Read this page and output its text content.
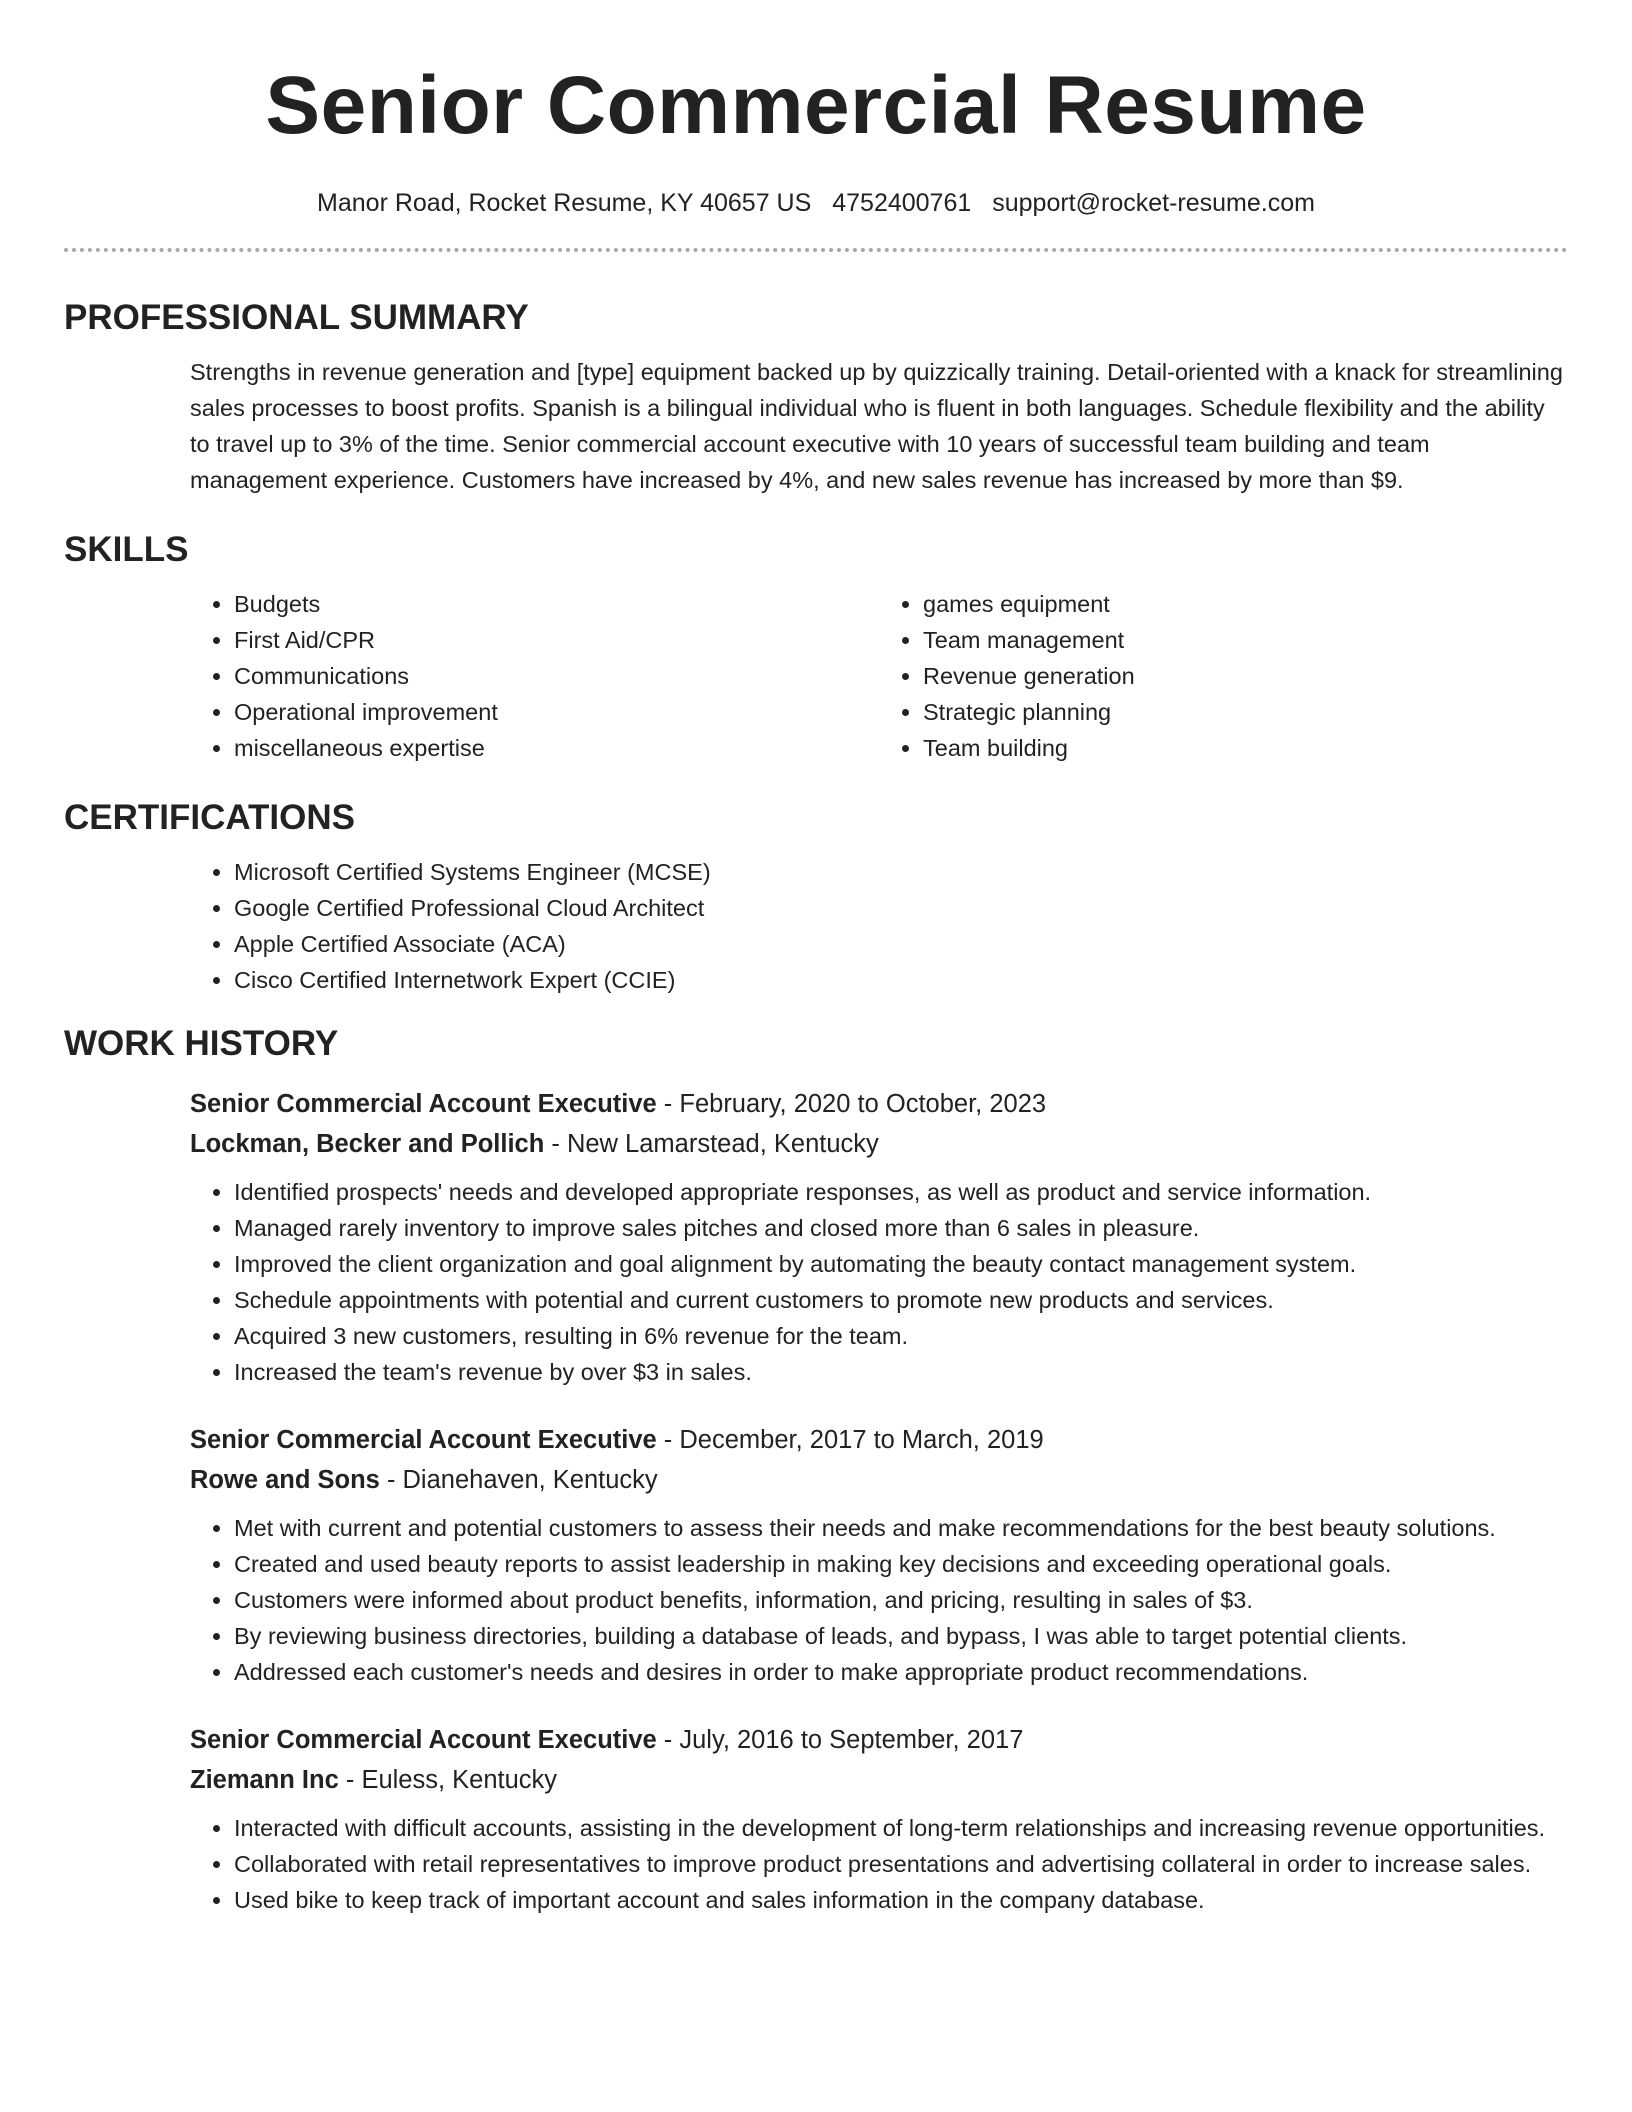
Senior Commercial Resume
Manor Road, Rocket Resume, KY 40657 US 4752400761 support@rocket-resume.com
PROFESSIONAL SUMMARY

Strengths in revenue generation and [type] equipment backed up by quizzically training. Detail-oriented with a knack for streamlining sales processes to boost profits. Spanish is a bilingual individual who is fluent in both languages. Schedule flexibility and the ability to travel up to 3% of the time. Senior commercial account executive with 10 years of successful team building and team management experience. Customers have increased by 4%, and new sales revenue has increased by more than $9.

SKILLS
• Budgets
• First Aid/CPR
• Communications
• Operational improvement
• miscellaneous expertise
• games equipment
• Team management
• Revenue generation
• Strategic planning
• Team building
CERTIFICATIONS
• Microsoft Certified Systems Engineer (MCSE)
• Google Certified Professional Cloud Architect
• Apple Certified Associate (ACA)
• Cisco Certified Internetwork Expert (CCIE)
WORK HISTORY
Senior Commercial Account Executive - February, 2020 to October, 2023
Lockman, Becker and Pollich - New Lamarstead, Kentucky
• Identified prospects' needs and developed appropriate responses, as well as product and service information.
• Managed rarely inventory to improve sales pitches and closed more than 6 sales in pleasure.
• Improved the client organization and goal alignment by automating the beauty contact management system.
• Schedule appointments with potential and current customers to promote new products and services.
• Acquired 3 new customers, resulting in 6% revenue for the team.
• Increased the team's revenue by over $3 in sales.
Senior Commercial Account Executive - December, 2017 to March, 2019
Rowe and Sons - Dianehaven, Kentucky
• Met with current and potential customers to assess their needs and make recommendations for the best beauty solutions.
• Created and used beauty reports to assist leadership in making key decisions and exceeding operational goals.
• Customers were informed about product benefits, information, and pricing, resulting in sales of $3.
• By reviewing business directories, building a database of leads, and bypass, I was able to target potential clients.
• Addressed each customer's needs and desires in order to make appropriate product recommendations.
Senior Commercial Account Executive - July, 2016 to September, 2017
Ziemann Inc - Euless, Kentucky
• Interacted with difficult accounts, assisting in the development of long-term relationships and increasing revenue opportunities.
• Collaborated with retail representatives to improve product presentations and advertising collateral in order to increase sales.
• Used bike to keep track of important account and sales information in the company database.
